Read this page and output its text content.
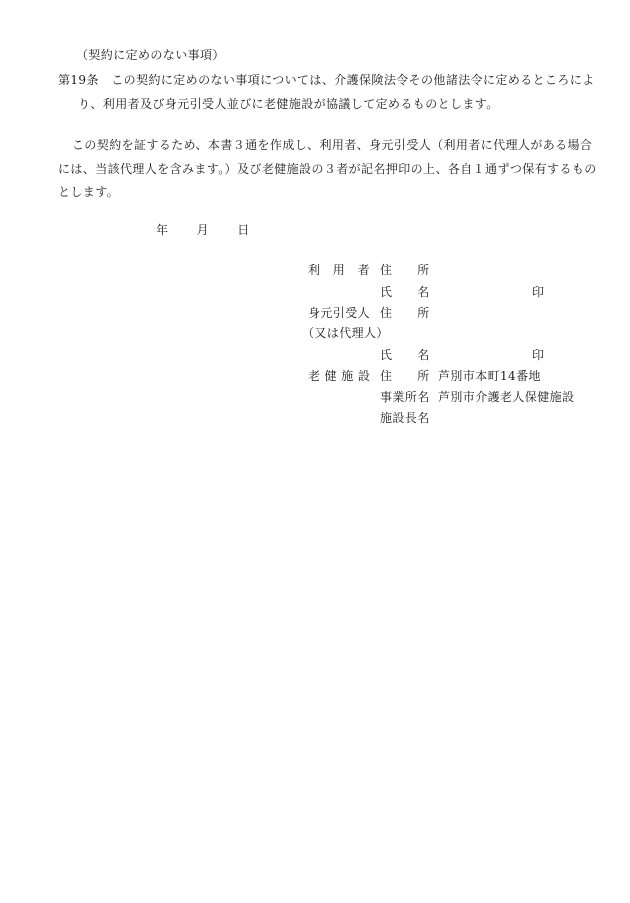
（契約に定めのない事項）
第19条　この契約に定めのない事項については、介護保険法令その他諸法令に定めるところによ
り、利用者及び身元引受人並びに老健施設が協議して定めるものとします。
この契約を証するため、本書３通を作成し、利用者、身元引受人（利用者に代理人がある場合
には、当該代理人を含みます。）及び老健施設の３者が記名押印の上、各自１通ずつ保有するもの
とします。
年 月 日
利　用　者 住　　所
氏　　名	印
身元引受人 住　　所
（又は代理人）
氏　　名	印
老 健 施 設 住　　所 芦別市本町14番地
事業所名 芦別市介護老人保健施設
施設長名
